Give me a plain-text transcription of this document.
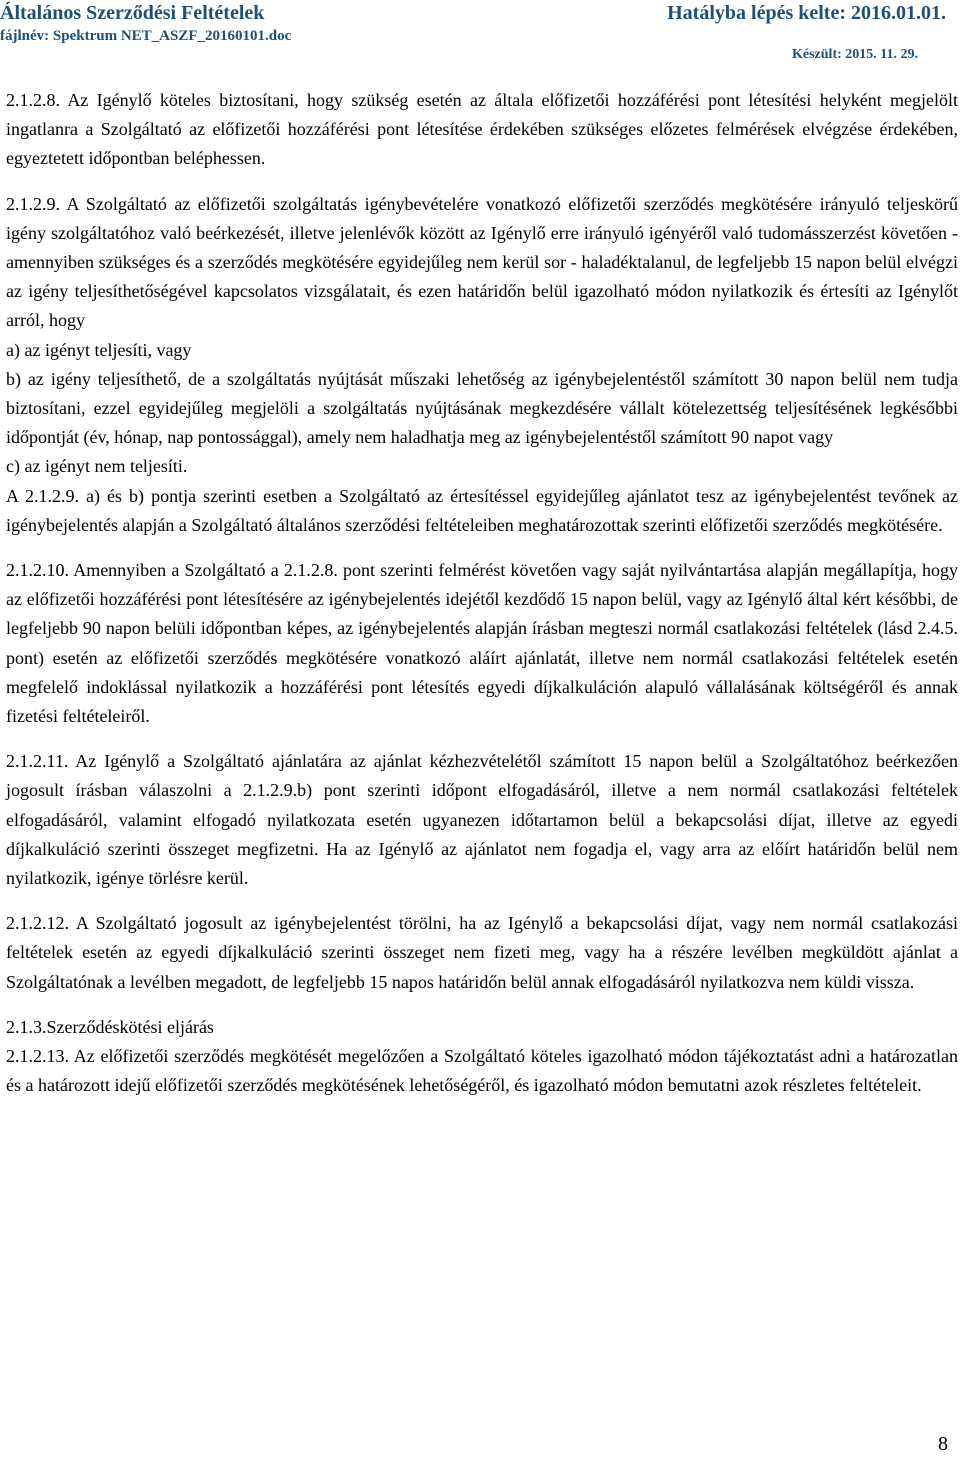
Általános Szerződési Feltételek
fájlnév: Spektrum NET_ASZF_20160101.doc
Hatályba lépés kelte: 2016.01.01.
Készült: 2015. 11. 29.

2.1.2.8. Az Igénylő köteles biztosítani, hogy szükség esetén az általa előfizetői hozzáférési pont létesítési helyként megjelölt ingatlanra a Szolgáltató az előfizetői hozzáférési pont létesítése érdekében szükséges előzetes felmérések elvégzése érdekében, egyeztetett időpontban beléphessen.

2.1.2.9. A Szolgáltató az előfizetői szolgáltatás igénybevételére vonatkozó előfizetői szerződés megkötésére irányuló teljeskörű igény szolgáltatóhoz való beérkezését, illetve jelenlévők között az Igénylő erre irányuló igényéről való tudomásszerzést követően - amennyiben szükséges és a szerződés megkötésére egyidejűleg nem kerül sor - haladéktalanul, de legfeljebb 15 napon belül elvégzi az igény teljesíthetőségével kapcsolatos vizsgálatait, és ezen határidőn belül igazolható módon nyilatkozik és értesíti az Igénylőt arról, hogy

a) az igényt teljesíti, vagy

b) az igény teljesíthető, de a szolgáltatás nyújtását műszaki lehetőség az igénybejelentéstől számított 30 napon belül nem tudja biztosítani, ezzel egyidejűleg megjelöli a szolgáltatás nyújtásának megkezdésére vállalt kötelezettség teljesítésének legkésőbbi időpontját (év, hónap, nap pontossággal), amely nem haladhatja meg az igénybejelentéstől számított 90 napot vagy

c) az igényt nem teljesíti.

A 2.1.2.9. a) és b) pontja szerinti esetben a Szolgáltató az értesítéssel egyidejűleg ajánlatot tesz az igénybejelentést tevőnek az igénybejelentés alapján a Szolgáltató általános szerződési feltételeiben meghatározottak szerinti előfizetői szerződés megkötésére.

2.1.2.10. Amennyiben a Szolgáltató a 2.1.2.8. pont szerinti felmérést követően vagy saját nyilvántartása alapján megállapítja, hogy az előfizetői hozzáférési pont létesítésére az igénybejelentés idejétől kezdődő 15 napon belül, vagy az Igénylő által kért későbbi, de legfeljebb 90 napon belüli időpontban képes, az igénybejelentés alapján írásban megteszi normál csatlakozási feltételek (lásd 2.4.5. pont) esetén az előfizetői szerződés megkötésére vonatkozó aláírt ajánlatát, illetve nem normál csatlakozási feltételek esetén megfelelő indoklással nyilatkozik a hozzáférési pont létesítés egyedi díjkalkuláción alapuló vállalásának költségéről és annak fizetési feltételeiről.

2.1.2.11. Az Igénylő a Szolgáltató ajánlatára az ajánlat kézhezvételétől számított 15 napon belül a Szolgáltatóhoz beérkezően jogosult írásban válaszolni a 2.1.2.9.b) pont szerinti időpont elfogadásáról, illetve a nem normál csatlakozási feltételek elfogadásáról, valamint elfogadó nyilatkozata esetén ugyanezen időtartamon belül a bekapcsolási díjat, illetve az egyedi díjkalkuláció szerinti összeget megfizetni. Ha az Igénylő az ajánlatot nem fogadja el, vagy arra az előírt határidőn belül nem nyilatkozik, igénye törlésre kerül.

2.1.2.12. A Szolgáltató jogosult az igénybejelentést törölni, ha az Igénylő a bekapcsolási díjat, vagy nem normál csatlakozási feltételek esetén az egyedi díjkalkuláció szerinti összeget nem fizeti meg, vagy ha a részére levélben megküldött ajánlat a Szolgáltatónak a levélben megadott, de legfeljebb 15 napos határidőn belül annak elfogadásáról nyilatkozva nem küldi vissza.

2.1.3.Szerződéskötési eljárás

2.1.2.13. Az előfizetői szerződés megkötését megelőzően a Szolgáltató köteles igazolható módon tájékoztatást adni a határozatlan és a határozott idejű előfizetői szerződés megkötésének lehetőségéről, és igazolható módon bemutatni azok részletes feltételeit.

8
